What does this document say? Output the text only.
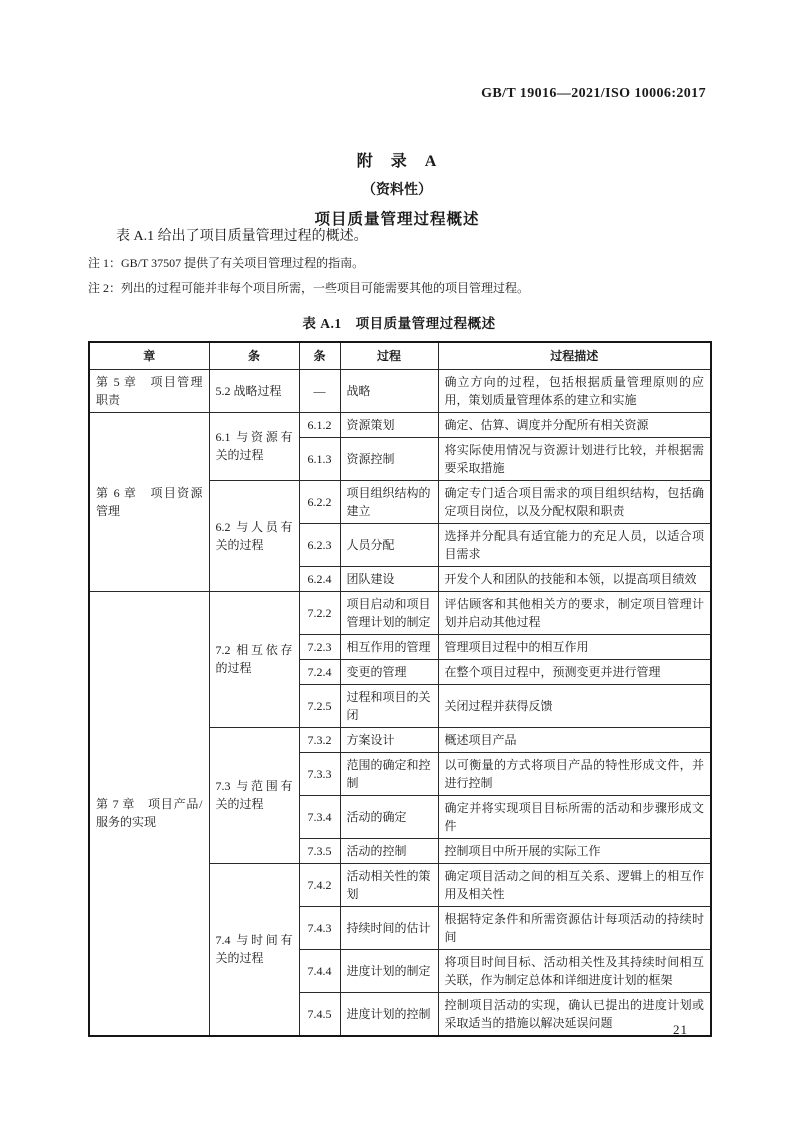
GB/T 19016—2021/ISO 10006:2017
附　录　A
（资料性）
项目质量管理过程概述

表 A.1 给出了项目质量管理过程的概述。

注 1：GB/T 37507 提供了有关项目管理过程的指南。

注 2：列出的过程可能并非每个项目所需，一些项目可能需要其他的项目管理过程。

表 A.1　项目质量管理过程概述
章	条	条	过程	过程描述
第 5 章　项目管理职责	5.2 战略过程	—	战略	确立方向的过程，包括根据质量管理原则的应用，策划质量管理体系的建立和实施
第 6 章　项目资源管理	6.1 与资源有关的过程	6.1.2	资源策划	确定、估算、调度并分配所有相关资源
		6.1.3	资源控制	将实际使用情况与资源计划进行比较，并根据需要采取措施
	6.2 与人员有关的过程	6.2.2	项目组织结构的建立	确定专门适合项目需求的项目组织结构，包括确定项目岗位，以及分配权限和职责
		6.2.3	人员分配	选择并分配具有适宜能力的充足人员，以适合项目需求
		6.2.4	团队建设	开发个人和团队的技能和本领，以提高项目绩效
第 7 章　项目产品/服务的实现	7.2 相互依存的过程	7.2.2	项目启动和项目管理计划的制定	评估顾客和其他相关方的要求，制定项目管理计划并启动其他过程
		7.2.3	相互作用的管理	管理项目过程中的相互作用
		7.2.4	变更的管理	在整个项目过程中，预测变更并进行管理
		7.2.5	过程和项目的关闭	关闭过程并获得反馈
	7.3 与范围有关的过程	7.3.2	方案设计	概述项目产品
		7.3.3	范围的确定和控制	以可衡量的方式将项目产品的特性形成文件，并进行控制
		7.3.4	活动的确定	确定并将实现项目目标所需的活动和步骤形成文件
		7.3.5	活动的控制	控制项目中所开展的实际工作
	7.4 与时间有关的过程	7.4.2	活动相关性的策划	确定项目活动之间的相互关系、逻辑上的相互作用及相关性
		7.4.3	持续时间的估计	根据特定条件和所需资源估计每项活动的持续时间
		7.4.4	进度计划的制定	将项目时间目标、活动相关性及其持续时间相互关联，作为制定总体和详细进度计划的框架
		7.4.5	进度计划的控制	控制项目活动的实现，确认已提出的进度计划或采取适当的措施以解决延误问题	21
